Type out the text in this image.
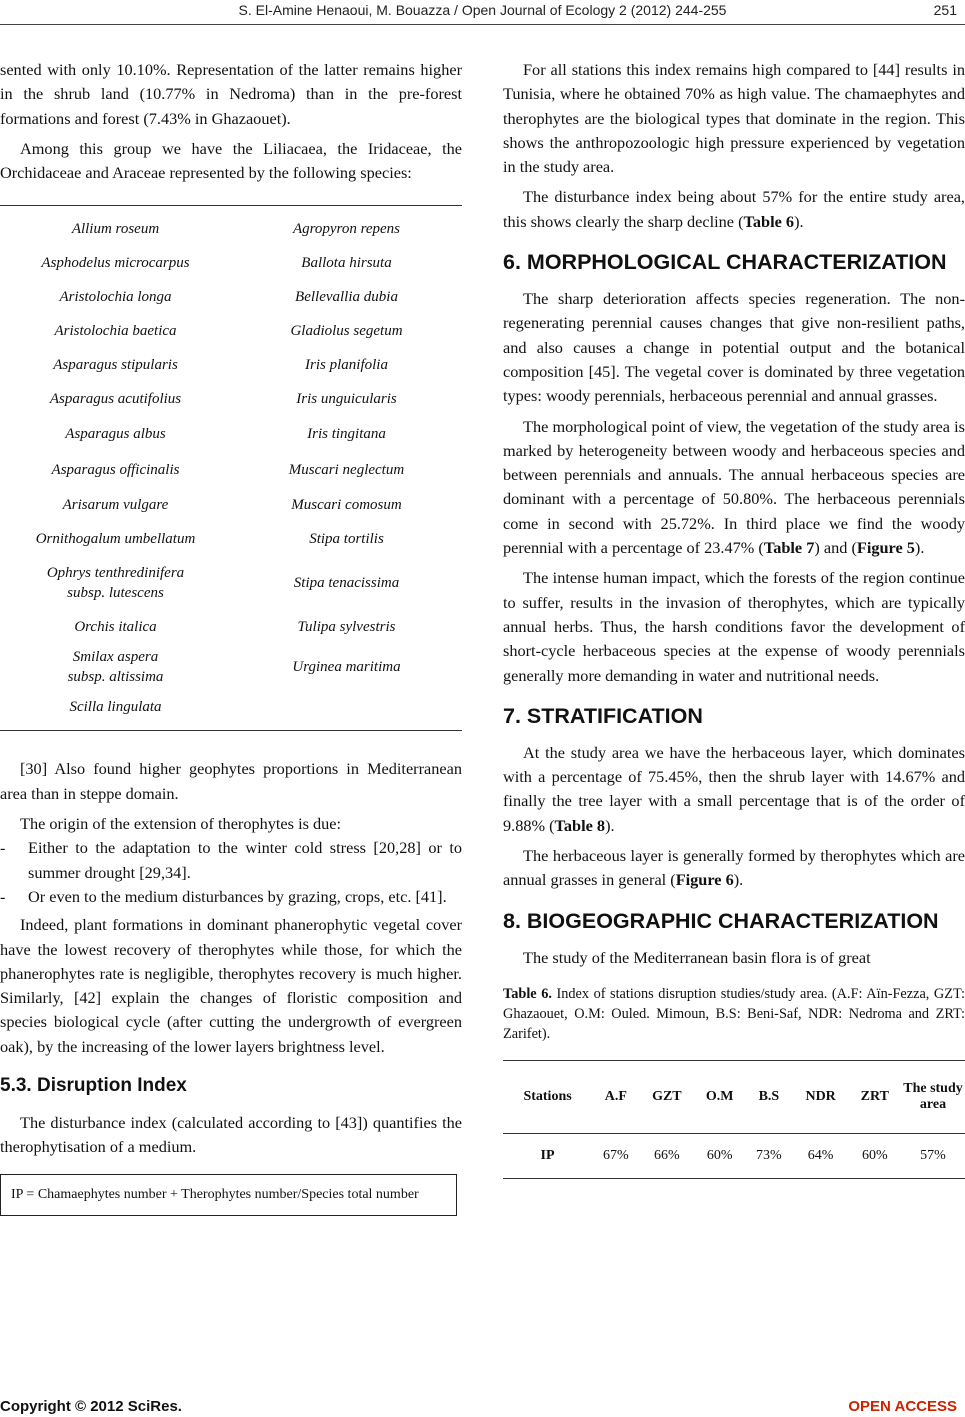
S. El-Amine Henaoui, M. Bouazza / Open Journal of Ecology 2 (2012) 244-255	251

sented with only 10.10%. Representation of the latter remains higher in the shrub land (10.77% in Nedroma) than in the pre-forest formations and forest (7.43% in Ghazaouet).

Among this group we have the Liliacaea, the Iridaceae, the Orchidaceae and Araceae represented by the following species:

Allium roseum	Agropyron repens
Asphodelus microcarpus	Ballota hirsuta
Aristolochia longa	Bellevallia dubia
Aristolochia baetica	Gladiolus segetum
Asparagus stipularis	Iris planifolia
Asparagus acutifolius	Iris unguicularis
Asparagus albus	Iris tingitana
Asparagus officinalis	Muscari neglectum
Arisarum vulgare	Muscari comosum
Ornithogalum umbellatum	Stipa tortilis
Ophrys tenthredinifera
subsp. lutescens	Stipa tenacissima
Orchis italica	Tulipa sylvestris
Smilax aspera
subsp. altissima	Urginea maritima
Scilla lingulata	

[30] Also found higher geophytes proportions in Mediterranean area than in steppe domain.

The origin of the extension of therophytes is due:

-	Either to the adaptation to the winter cold stress [20,28] or to summer drought [29,34].
-	Or even to the medium disturbances by grazing, crops, etc. [41].

Indeed, plant formations in dominant phanerophytic vegetal cover have the lowest recovery of therophytes while those, for which the phanerophytes rate is negligible, therophytes recovery is much higher. Similarly, [42] explain the changes of floristic composition and species biological cycle (after cutting the undergrowth of evergreen oak), by the increasing of the lower layers brightness level.

5.3. Disruption Index

The disturbance index (calculated according to [43]) quantifies the therophytisation of a medium.

IP = Chamaephytes number + Therophytes number/Species total number

For all stations this index remains high compared to [44] results in Tunisia, where he obtained 70% as high value. The chamaephytes and therophytes are the biological types that dominate in the region. This shows the anthropozoologic high pressure experienced by vegetation in the study area.

The disturbance index being about 57% for the entire study area, this shows clearly the sharp decline (Table 6).

6. MORPHOLOGICAL CHARACTERIZATION

The sharp deterioration affects species regeneration. The non-regenerating perennial causes changes that give non-resilient paths, and also causes a change in potential output and the botanical composition [45]. The vegetal cover is dominated by three vegetation types: woody perennials, herbaceous perennial and annual grasses.

The morphological point of view, the vegetation of the study area is marked by heterogeneity between woody and herbaceous species and between perennials and annuals. The annual herbaceous species are dominant with a percentage of 50.80%. The herbaceous perennials come in second with 25.72%. In third place we find the woody perennial with a percentage of 23.47% (Table 7) and (Figure 5).

The intense human impact, which the forests of the region continue to suffer, results in the invasion of therophytes, which are typically annual herbs. Thus, the harsh conditions favor the development of short-cycle herbaceous species at the expense of woody perennials generally more demanding in water and nutritional needs.

7. STRATIFICATION

At the study area we have the herbaceous layer, which dominates with a percentage of 75.45%, then the shrub layer with 14.67% and finally the tree layer with a small percentage that is of the order of 9.88% (Table 8).

The herbaceous layer is generally formed by therophytes which are annual grasses in general (Figure 6).

8. BIOGEOGRAPHIC CHARACTERIZATION

The study of the Mediterranean basin flora is of great

Table 6. Index of stations disruption studies/study area. (A.F: Aïn-Fezza, GZT: Ghazaouet, O.M: Ouled. Mimoun, B.S: Beni-Saf, NDR: Nedroma and ZRT: Zarifet).
Stations	A.F	GZT	O.M	B.S	NDR	ZRT	The study area
IP	67%	66%	60%	73%	64%	60%	57%
Copyright © 2012 SciRes.	OPEN ACCESS
